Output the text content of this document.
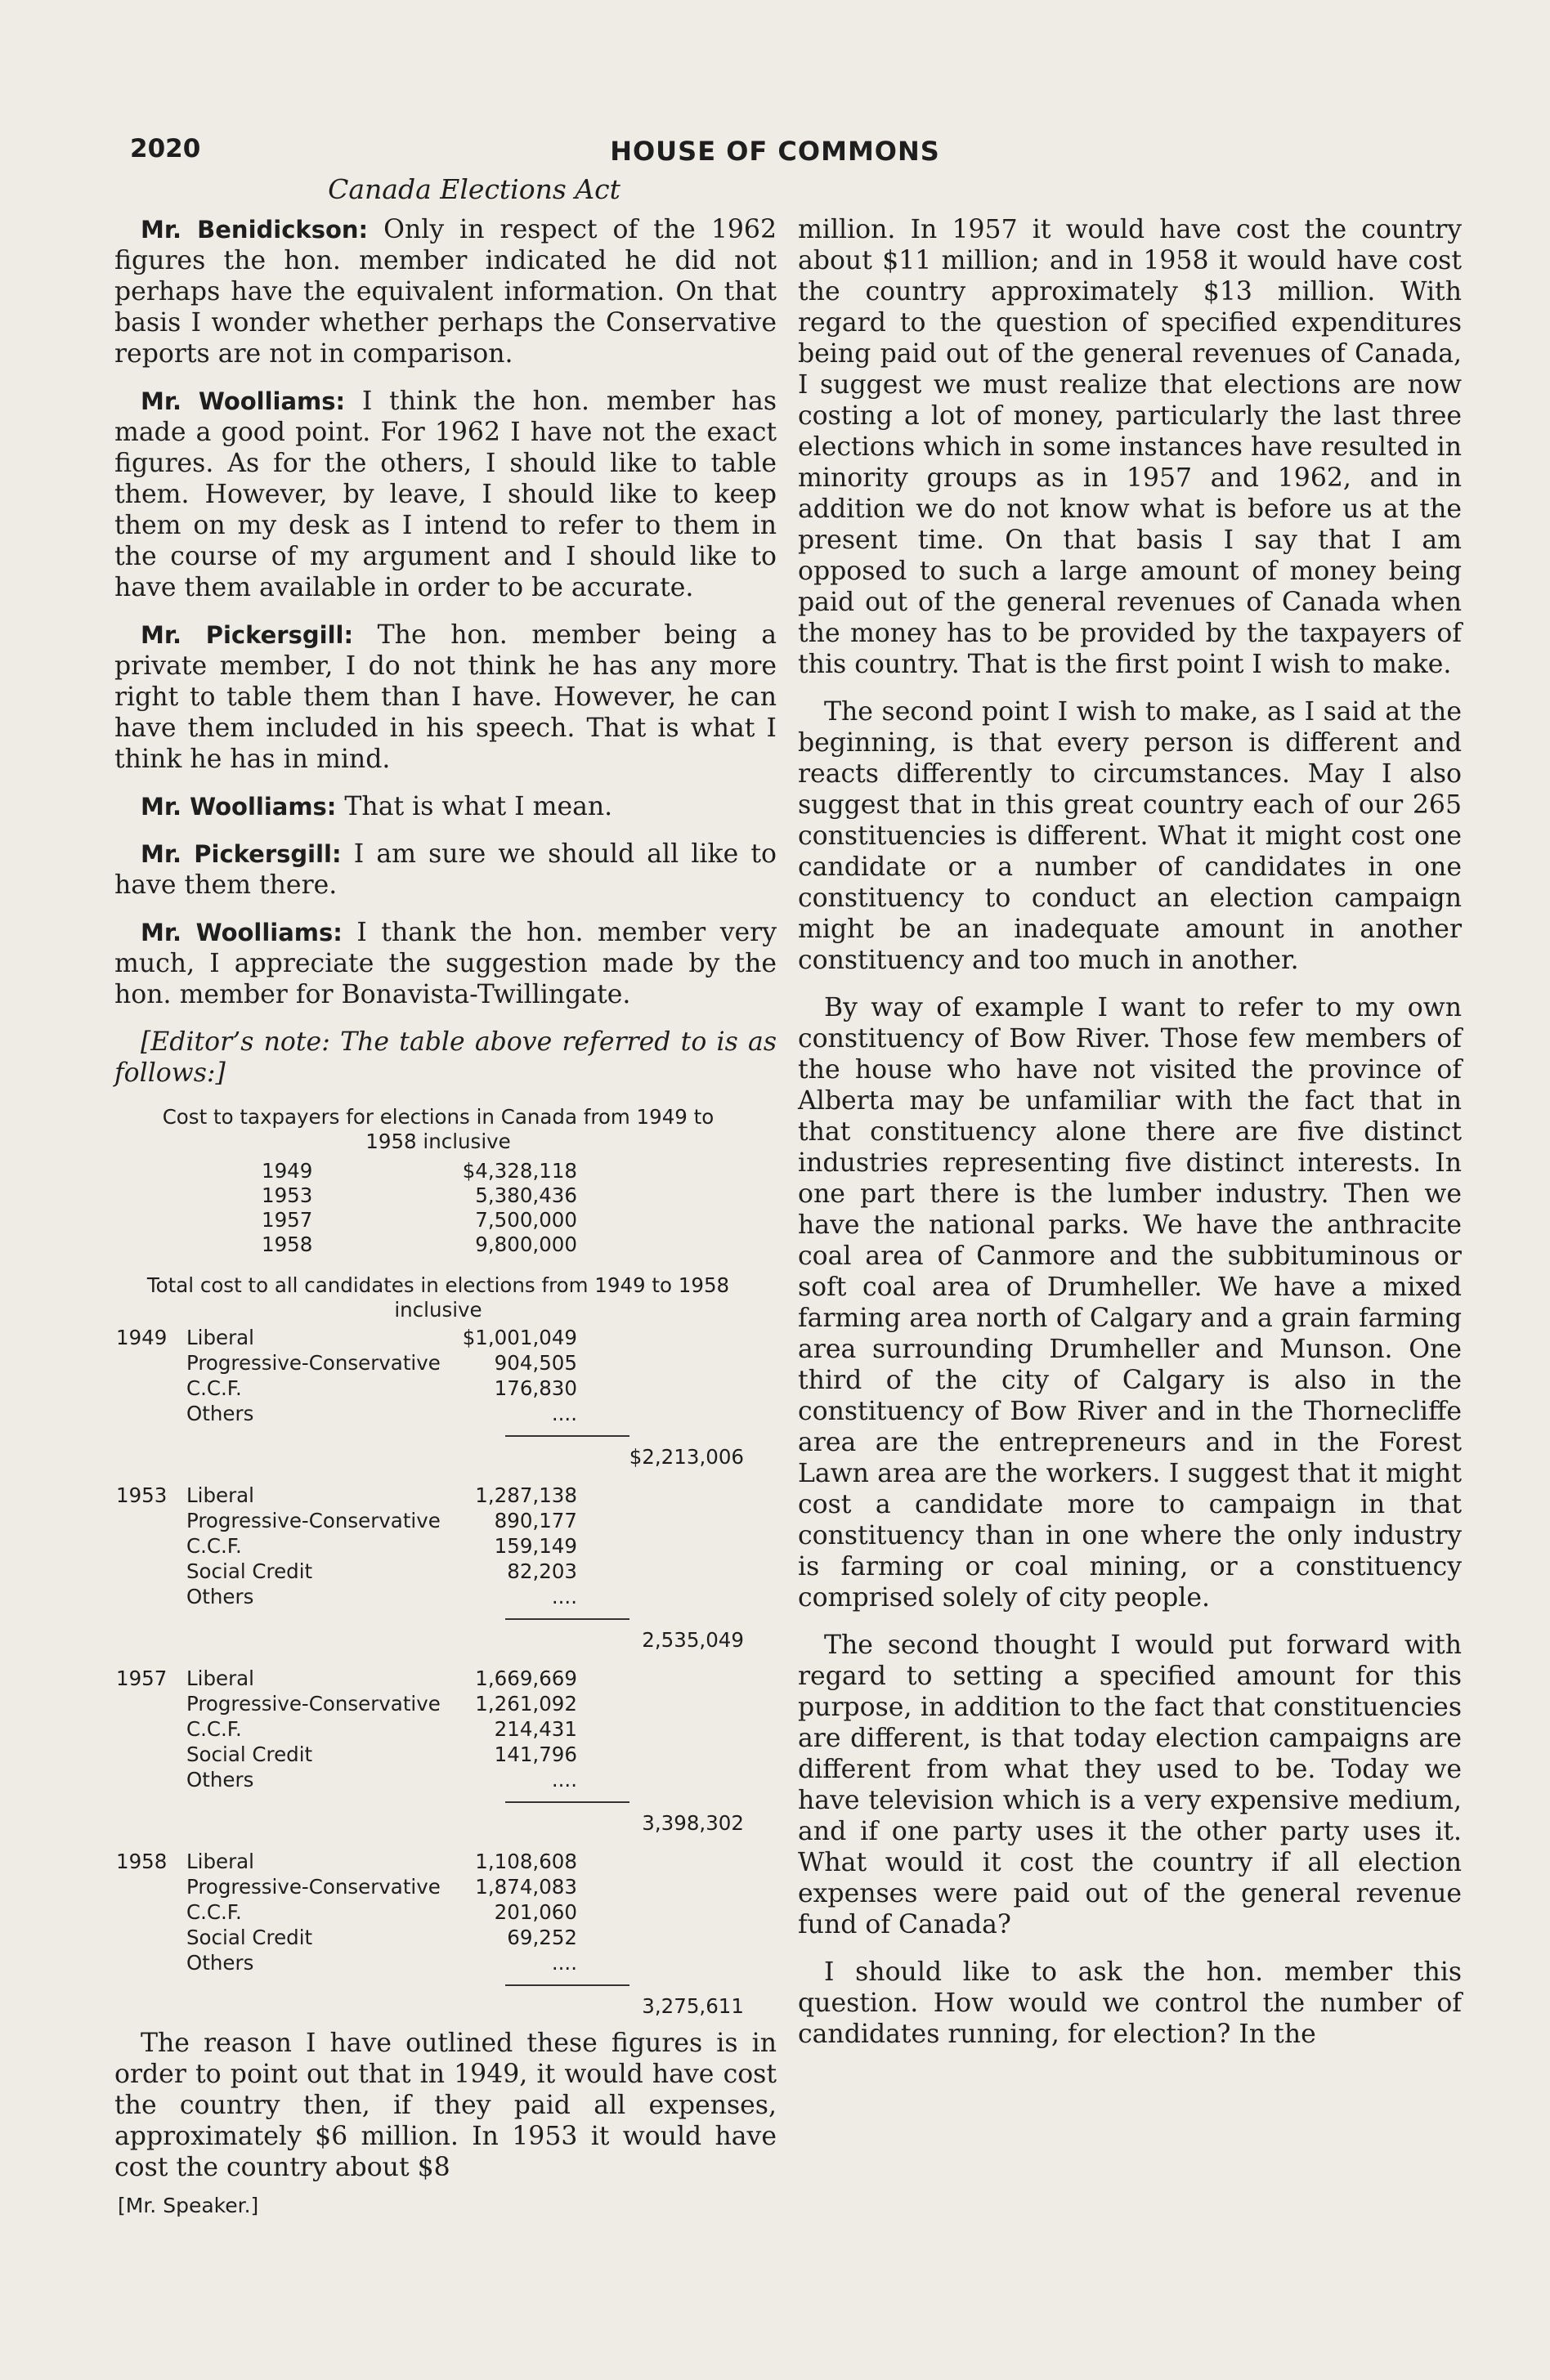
2020	HOUSE OF COMMONS
Canada Elections Act

Mr. Benidickson: Only in respect of the 1962 figures the hon. member indicated he did not perhaps have the equivalent information. On that basis I wonder whether perhaps the Conservative reports are not in comparison.

Mr. Woolliams: I think the hon. member has made a good point. For 1962 I have not the exact figures. As for the others, I should like to table them. However, by leave, I should like to keep them on my desk as I intend to refer to them in the course of my argument and I should like to have them available in order to be accurate.

Mr. Pickersgill: The hon. member being a private member, I do not think he has any more right to table them than I have. However, he can have them included in his speech. That is what I think he has in mind.

Mr. Woolliams: That is what I mean.

Mr. Pickersgill: I am sure we should all like to have them there.

Mr. Woolliams: I thank the hon. member very much, I appreciate the suggestion made by the hon. member for Bonavista-Twillingate.

[Editor’s note: The table above referred to is as follows:]

Cost to taxpayers for elections in Canada from 1949 to 1958 inclusive
1949	$4,328,118
1953	5,380,436
1957	7,500,000
1958	9,800,000
Total cost to all candidates in elections from 1949 to 1958 inclusive
1949 Liberal	$1,001,049
Progressive-Conservative	904,505
C.C.F.	176,830
Others	....
$2,213,006
1953 Liberal	1,287,138
Progressive-Conservative	890,177
C.C.F.	159,149
Social Credit	82,203
Others	....
2,535,049
1957 Liberal	1,669,669
Progressive-Conservative 1,261,092
C.C.F.	214,431
Social Credit	141,796
Others	....
3,398,302
1958 Liberal	1,108,608
Progressive-Conservative 1,874,083
C.C.F.	201,060
Social Credit	69,252
Others	....
3,275,611

The reason I have outlined these figures is in order to point out that in 1949, it would have cost the country then, if they paid all expenses, approximately $6 million. In 1953 it would have cost the country about $8

million. In 1957 it would have cost the country about $11 million; and in 1958 it would have cost the country approximately $13 million. With regard to the question of specified expenditures being paid out of the general revenues of Canada, I suggest we must realize that elections are now costing a lot of money, particularly the last three elections which in some instances have resulted in minority groups as in 1957 and 1962, and in addition we do not know what is before us at the present time. On that basis I say that I am opposed to such a large amount of money being paid out of the general revenues of Canada when the money has to be provided by the taxpayers of this country. That is the first point I wish to make.

The second point I wish to make, as I said at the beginning, is that every person is different and reacts differently to circumstances. May I also suggest that in this great country each of our 265 constituencies is different. What it might cost one candidate or a number of candidates in one constituency to conduct an election campaign might be an inadequate amount in another constituency and too much in another.

By way of example I want to refer to my own constituency of Bow River. Those few members of the house who have not visited the province of Alberta may be unfamiliar with the fact that in that constituency alone there are five distinct industries representing five distinct interests. In one part there is the lumber industry. Then we have the national parks. We have the anthracite coal area of Canmore and the subbituminous or soft coal area of Drumheller. We have a mixed farming area north of Calgary and a grain farming area surrounding Drumheller and Munson. One third of the city of Calgary is also in the constituency of Bow River and in the Thornecliffe area are the entrepreneurs and in the Forest Lawn area are the workers. I suggest that it might cost a candidate more to campaign in that constituency than in one where the only industry is farming or coal mining, or a constituency comprised solely of city people.

The second thought I would put forward with regard to setting a specified amount for this purpose, in addition to the fact that constituencies are different, is that today election campaigns are different from what they used to be. Today we have television which is a very expensive medium, and if one party uses it the other party uses it. What would it cost the country if all election expenses were paid out of the general revenue fund of Canada?

I should like to ask the hon. member this question. How would we control the number of candidates running, for election? In the

[Mr. Speaker.]
